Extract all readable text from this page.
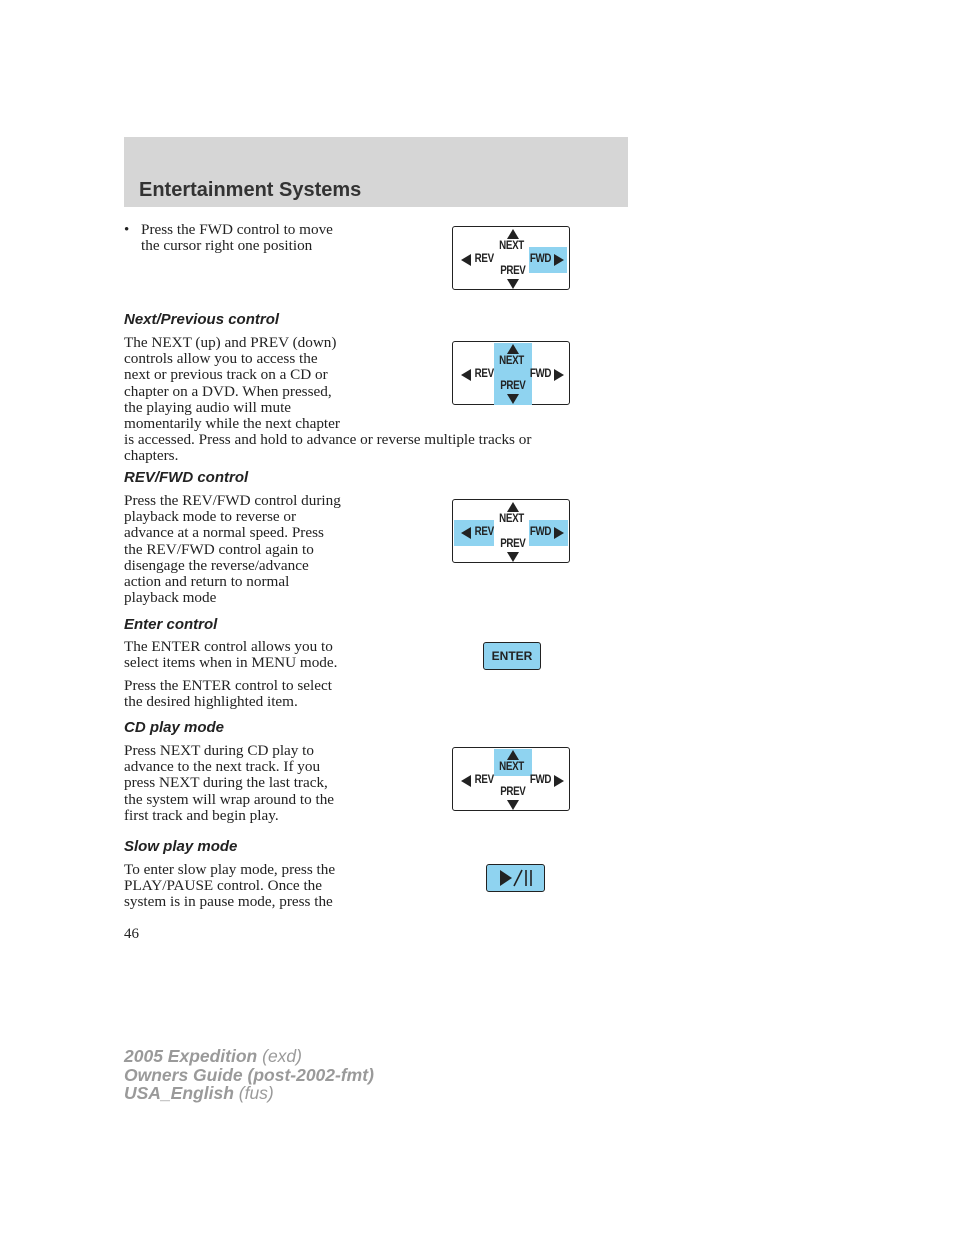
Entertainment Systems
• Press the FWD control to move
the cursor right one position	NEXT
REV	FWD
PREV
Next/Previous control

The NEXT (up) and PREV (down)
controls allow you to access the
next or previous track on a CD or
chapter on a DVD. When pressed,
the playing audio will mute
momentarily while the next chapter
is accessed. Press and hold to advance or reverse multiple tracks or
chapters.

NEXT
REV	FWD
PREV
REV/FWD control

Press the REV/FWD control during
playback mode to reverse or
advance at a normal speed. Press
the REV/FWD control again to
disengage the reverse/advance
action and return to normal
playback mode

NEXT
REV	FWD
PREV
Enter control

The ENTER control allows you to
select items when in MENU mode.

Press the ENTER control to select
the desired highlighted item.

ENTER
CD play mode

Press NEXT during CD play to
advance to the next track. If you
press NEXT during the last track,
the system will wrap around to the
first track and begin play.

NEXT
REV	FWD
PREV
Slow play mode

To enter slow play mode, press the
PLAY/PAUSE control. Once the
system is in pause mode, press the

46
2005 Expedition (exd)
Owners Guide (post-2002-fmt)
USA_English (fus)
